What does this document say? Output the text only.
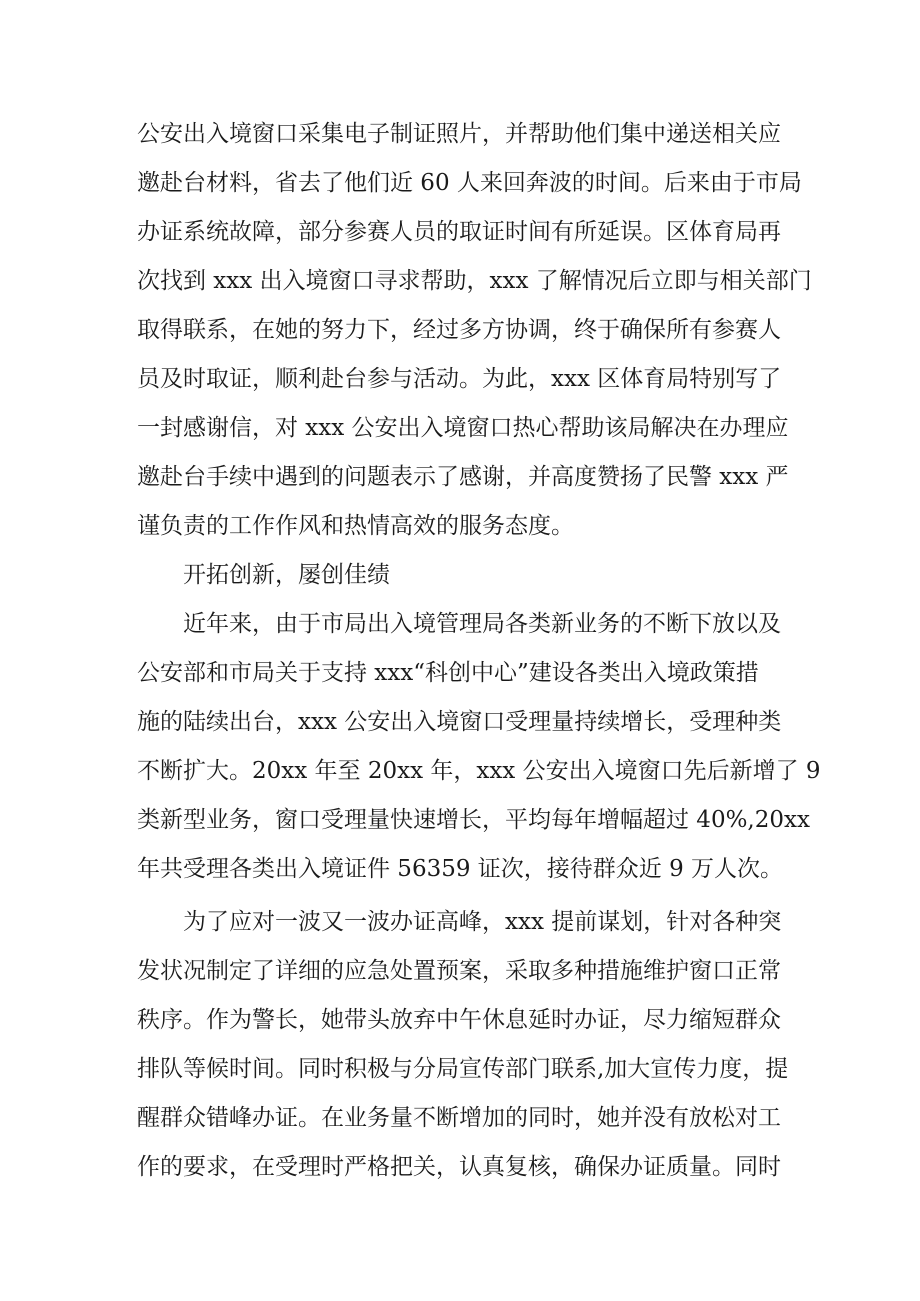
公安出入境窗口采集电子制证照片，并帮助他们集中递送相关应
邀赴台材料，省去了他们近 60 人来回奔波的时间。后来由于市局
办证系统故障，部分参赛人员的取证时间有所延误。区体育局再
次找到 xxx 出入境窗口寻求帮助，xxx 了解情况后立即与相关部门
取得联系，在她的努力下，经过多方协调，终于确保所有参赛人
员及时取证，顺利赴台参与活动。为此，xxx 区体育局特别写了
一封感谢信，对 xxx 公安出入境窗口热心帮助该局解决在办理应
邀赴台手续中遇到的问题表示了感谢，并高度赞扬了民警 xxx 严
谨负责的工作作风和热情高效的服务态度。
开拓创新，屡创佳绩
近年来，由于市局出入境管理局各类新业务的不断下放以及
公安部和市局关于支持 xxx“科创中心”建设各类出入境政策措
施的陆续出台，xxx 公安出入境窗口受理量持续增长，受理种类
不断扩大。20xx 年至 20xx 年，xxx 公安出入境窗口先后新增了 9
类新型业务，窗口受理量快速增长，平均每年增幅超过 40%,20xx
年共受理各类出入境证件 56359 证次，接待群众近 9 万人次。
为了应对一波又一波办证高峰，xxx 提前谋划，针对各种突
发状况制定了详细的应急处置预案，采取多种措施维护窗口正常
秩序。作为警长，她带头放弃中午休息延时办证，尽力缩短群众
排队等候时间。同时积极与分局宣传部门联系,加大宣传力度，提
醒群众错峰办证。在业务量不断增加的同时，她并没有放松对工
作的要求，在受理时严格把关，认真复核，确保办证质量。同时
